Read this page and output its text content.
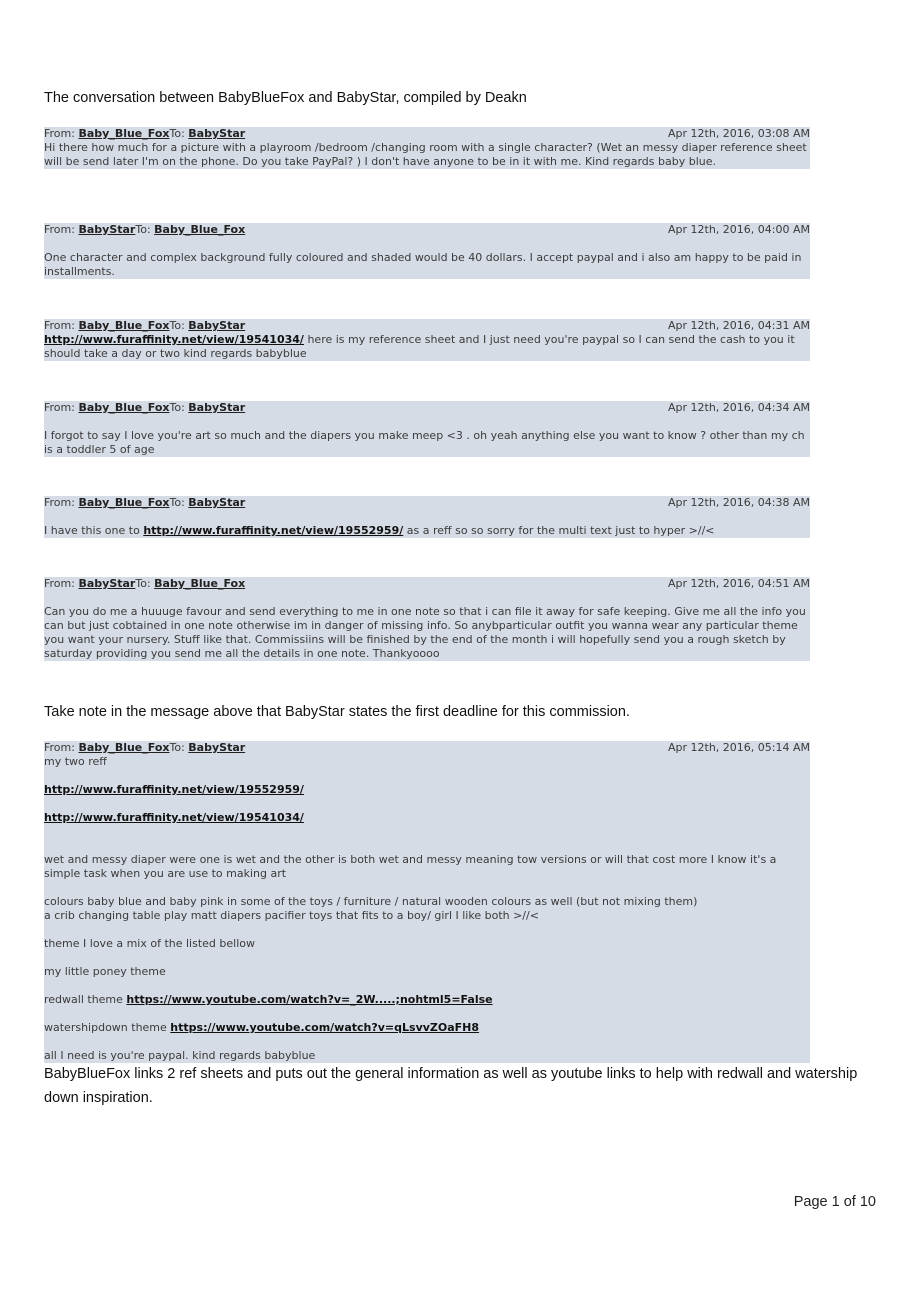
The conversation between BabyBlueFox and BabyStar, compiled by Deakn
From: Baby_Blue_FoxTo: BabyStar	Apr 12th, 2016, 03:08 AM

Hi there how much for a picture with a playroom /bedroom /changing room with a single character? (Wet an messy diaper reference sheet will be send later I'm on the phone. Do you take PayPal? ) I don't have anyone to be in it with me. Kind regards baby blue.

From: BabyStarTo: Baby_Blue_Fox	Apr 12th, 2016, 04:00 AM

One character and complex background fully coloured and shaded would be 40 dollars. I accept paypal and i also am happy to be paid in installments.

From: Baby_Blue_FoxTo: BabyStar	Apr 12th, 2016, 04:31 AM

http://www.furaffinity.net/view/19541034/ here is my reference sheet and I just need you're paypal so I can send the cash to you it should take a day or two kind regards babyblue

From: Baby_Blue_FoxTo: BabyStar	Apr 12th, 2016, 04:34 AM

I forgot to say I love you're art so much and the diapers you make meep <3 . oh yeah anything else you want to know ? other than my ch is a toddler 5 of age

From: Baby_Blue_FoxTo: BabyStar	Apr 12th, 2016, 04:38 AM

I have this one to http://www.furaffinity.net/view/19552959/ as a reff so so sorry for the multi text just to hyper >//<

From: BabyStarTo: Baby_Blue_Fox	Apr 12th, 2016, 04:51 AM

Can you do me a huuuge favour and send everything to me in one note so that i can file it away for safe keeping. Give me all the info you can but just cobtained in one note otherwise im in danger of missing info. So anybparticular outfit you wanna wear any particular theme you want your nursery. Stuff like that. Commissiins will be finished by the end of the month i will hopefully send you a rough sketch by saturday providing you send me all the details in one note. Thankyoooo

Take note in the message above that BabyStar states the first deadline for this commission.
From: Baby_Blue_FoxTo: BabyStar	Apr 12th, 2016, 05:14 AM

my two reff

http://www.furaffinity.net/view/19552959/

http://www.furaffinity.net/view/19541034/

wet and messy diaper were one is wet and the other is both wet and messy meaning tow versions or will that cost more I know it's a simple task when you are use to making art

colours baby blue and baby pink in some of the toys / furniture / natural wooden colours as well (but not mixing them)

a crib changing table play matt diapers pacifier toys that fits to a boy/ girl I like both >//<

theme I love a mix of the listed bellow

my little poney theme

redwall theme https://www.youtube.com/watch?v=_2W.....;nohtml5=False

watershipdown theme https://www.youtube.com/watch?v=qLsvvZOaFH8

all I need is you're paypal. kind regards babyblue

BabyBlueFox links 2 ref sheets and puts out the general information as well as youtube links to help with redwall and watership down inspiration.
Page 1 of 10
